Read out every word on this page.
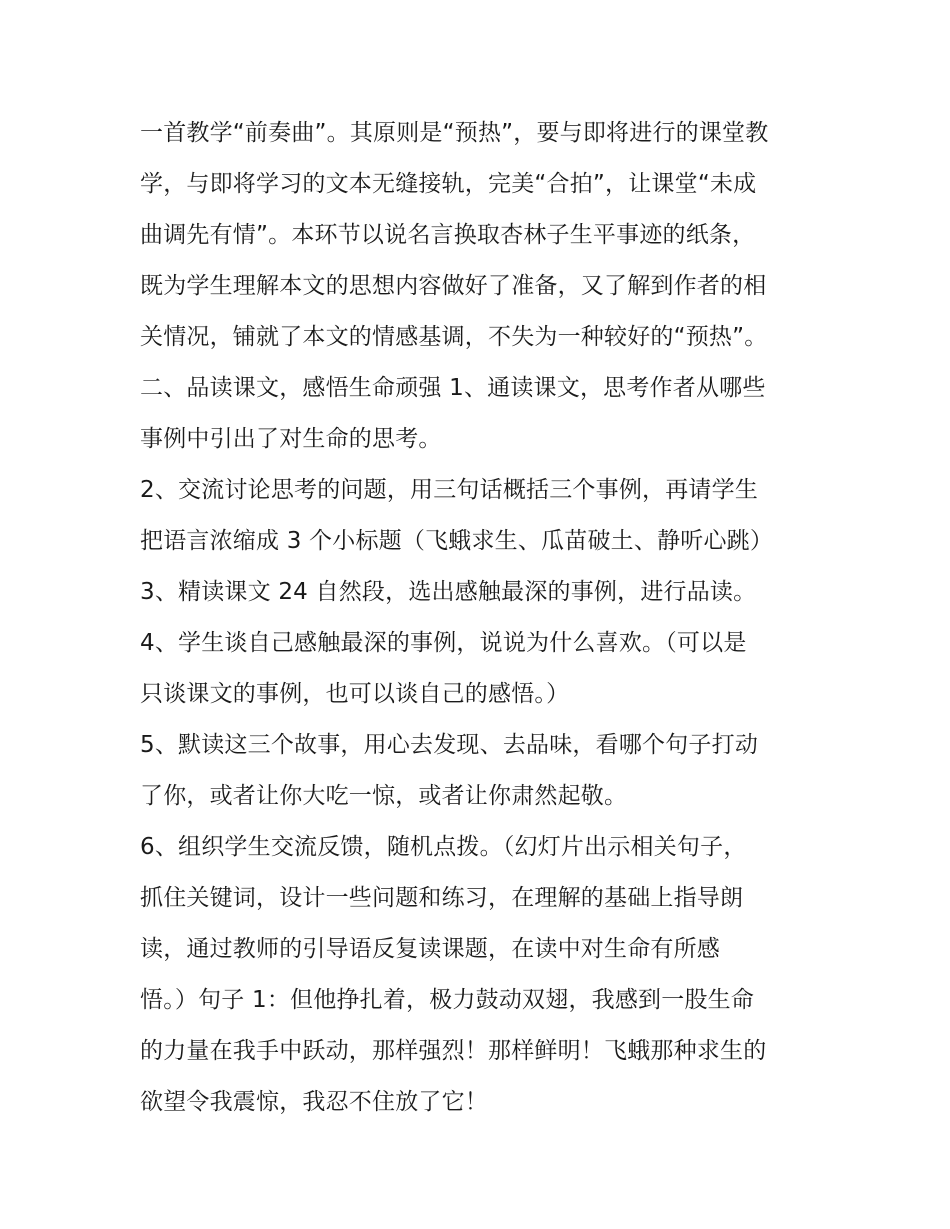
一首教学“前奏曲”。其原则是“预热”，要与即将进行的课堂教
学，与即将学习的文本无缝接轨，完美“合拍”，让课堂“未成
曲调先有情”。本环节以说名言换取杏林子生平事迹的纸条，
既为学生理解本文的思想内容做好了准备，又了解到作者的相
关情况，铺就了本文的情感基调，不失为一种较好的“预热”。
二、品读课文，感悟生命顽强 1、通读课文，思考作者从哪些
事例中引出了对生命的思考。
2、交流讨论思考的问题，用三句话概括三个事例，再请学生
把语言浓缩成 3 个小标题（飞蛾求生、瓜苗破土、静听心跳）
3、精读课文 24 自然段，选出感触最深的事例，进行品读。
4、学生谈自己感触最深的事例，说说为什么喜欢。（可以是
只谈课文的事例，也可以谈自己的感悟。）
5、默读这三个故事，用心去发现、去品味，看哪个句子打动
了你，或者让你大吃一惊，或者让你肃然起敬。
6、组织学生交流反馈，随机点拨。（幻灯片出示相关句子，
抓住关键词，设计一些问题和练习，在理解的基础上指导朗
读，通过教师的引导语反复读课题，在读中对生命有所感
悟。）句子 1：但他挣扎着，极力鼓动双翅，我感到一股生命
的力量在我手中跃动，那样强烈！那样鲜明！飞蛾那种求生的
欲望令我震惊，我忍不住放了它！
